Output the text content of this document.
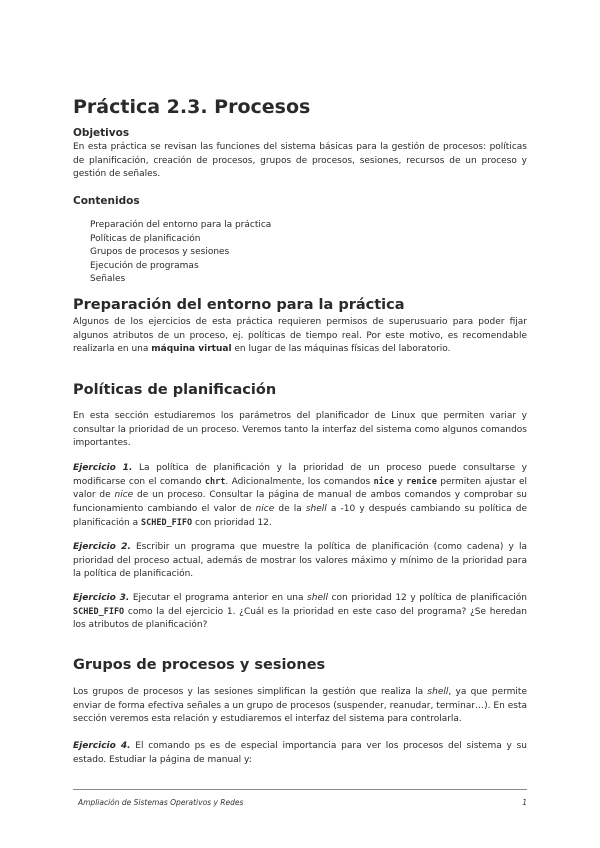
Práctica 2.3. Procesos
Objetivos
En esta práctica se revisan las funciones del sistema básicas para la gestión de procesos: políticas de planificación, creación de procesos, grupos de procesos, sesiones, recursos de un proceso y gestión de señales.
Contenidos
Preparación del entorno para la práctica
Políticas de planificación
Grupos de procesos y sesiones
Ejecución de programas
Señales
Preparación del entorno para la práctica
Algunos de los ejercicios de esta práctica requieren permisos de superusuario para poder fijar algunos atributos de un proceso, ej. políticas de tiempo real. Por este motivo, es recomendable realizarla en una máquina virtual en lugar de las máquinas físicas del laboratorio.
Políticas de planificación
En esta sección estudiaremos los parámetros del planificador de Linux que permiten variar y consultar la prioridad de un proceso. Veremos tanto la interfaz del sistema como algunos comandos importantes.
Ejercicio 1. La política de planificación y la prioridad de un proceso puede consultarse y modificarse con el comando chrt. Adicionalmente, los comandos nice y renice permiten ajustar el valor de nice de un proceso. Consultar la página de manual de ambos comandos y comprobar su funcionamiento cambiando el valor de nice de la shell a -10 y después cambiando su política de planificación a SCHED_FIFO con prioridad 12.
Ejercicio 2. Escribir un programa que muestre la política de planificación (como cadena) y la prioridad del proceso actual, además de mostrar los valores máximo y mínimo de la prioridad para la política de planificación.
Ejercicio 3. Ejecutar el programa anterior en una shell con prioridad 12 y política de planificación SCHED_FIFO como la del ejercicio 1. ¿Cuál es la prioridad en este caso del programa? ¿Se heredan los atributos de planificación?
Grupos de procesos y sesiones
Los grupos de procesos y las sesiones simplifican la gestión que realiza la shell, ya que permite enviar de forma efectiva señales a un grupo de procesos (suspender, reanudar, terminar…). En esta sección veremos esta relación y estudiaremos el interfaz del sistema para controlarla.
Ejercicio 4. El comando ps es de especial importancia para ver los procesos del sistema y su estado. Estudiar la página de manual y:
Ampliación de Sistemas Operativos y Redes	1
